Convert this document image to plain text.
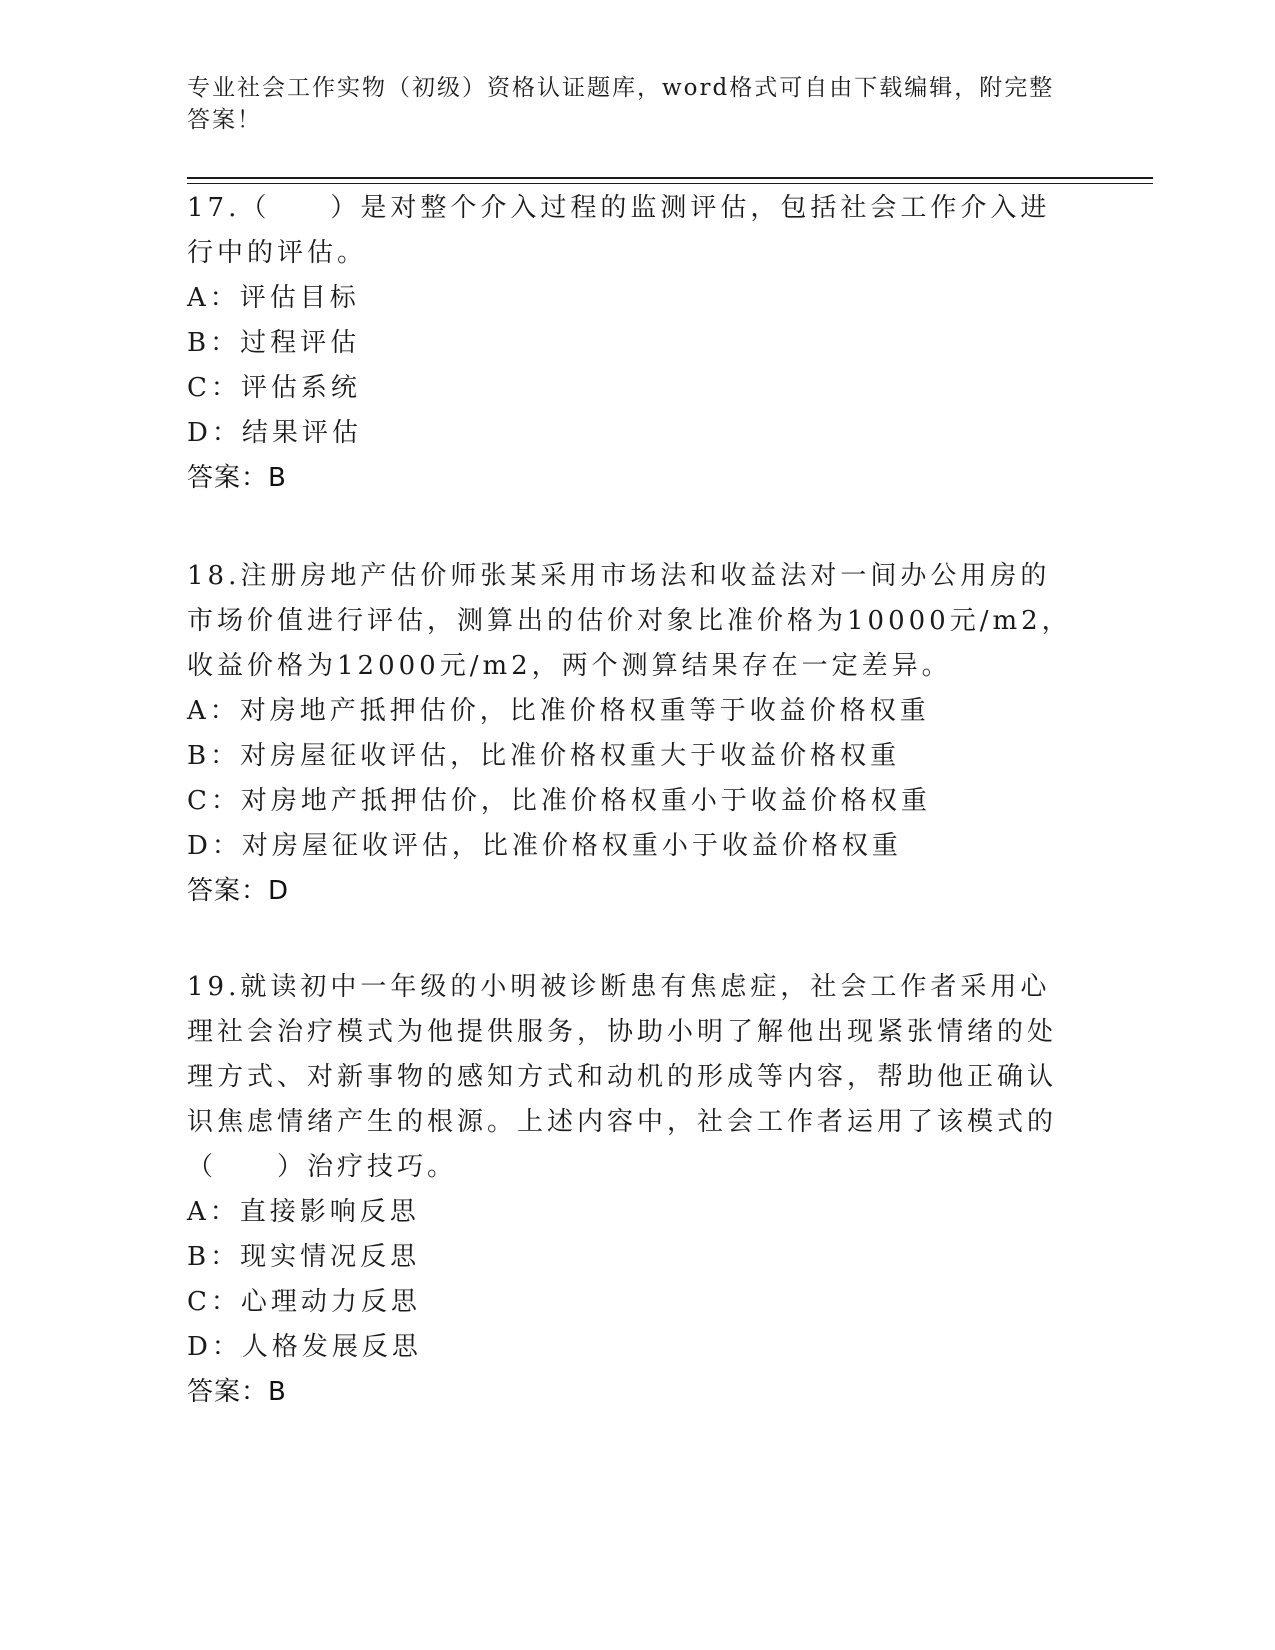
专业社会工作实物（初级）资格认证题库，word格式可自由下载编辑，附完整答案！

17.（　　）是对整个介入过程的监测评估，包括社会工作介入进行中的评估。

A：评估目标

B：过程评估

C：评估系统

D：结果评估

答案：B

18.注册房地产估价师张某采用市场法和收益法对一间办公用房的市场价值进行评估，测算出的估价对象比准价格为10000元/m2，收益价格为12000元/m2，两个测算结果存在一定差异。

A：对房地产抵押估价，比准价格权重等于收益价格权重

B：对房屋征收评估，比准价格权重大于收益价格权重

C：对房地产抵押估价，比准价格权重小于收益价格权重

D：对房屋征收评估，比准价格权重小于收益价格权重

答案：D

19.就读初中一年级的小明被诊断患有焦虑症，社会工作者采用心理社会治疗模式为他提供服务，协助小明了解他出现紧张情绪的处理方式、对新事物的感知方式和动机的形成等内容，帮助他正确认识焦虑情绪产生的根源。上述内容中，社会工作者运用了该模式的（　　）治疗技巧。

A：直接影响反思

B：现实情况反思

C：心理动力反思

D：人格发展反思

答案：B
